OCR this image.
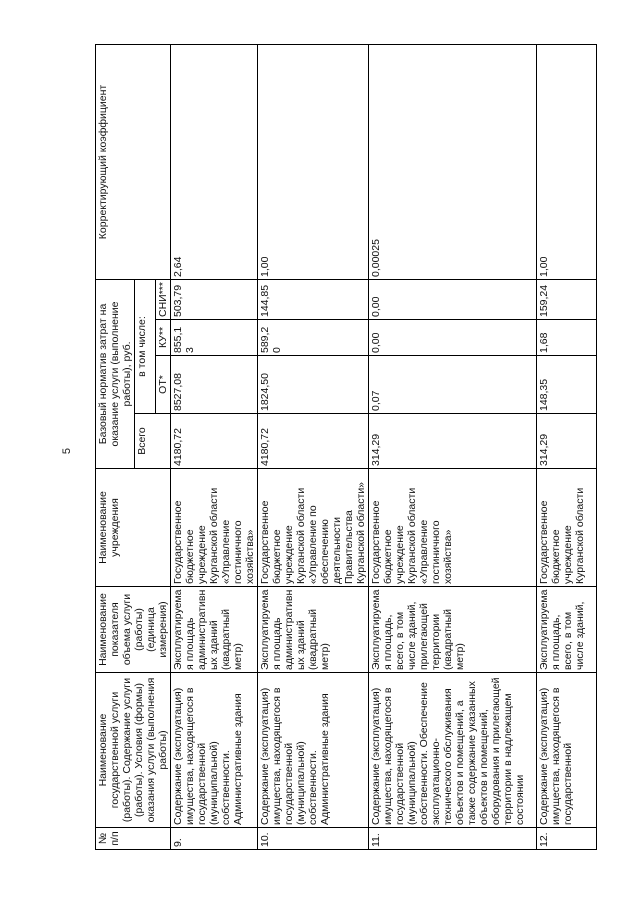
5
№ п/п	Наименование государственной услуги (работы). Содержание услуги (работы). Условия (формы) оказания услуги (выполнения работы)	Наименование показателя объема услуги (работы) (единица измерения)	Наименование учреждения	Базовый норматив затрат на оказание услуги (выполнение работы), руб.				Корректирующий коэффициент
				Всего	в том числе:			
					ОТ*	КУ**	СНИ***	
9.	Содержание (эксплуатация) имущества, находящегося в государственной (муниципальной) собственности. Административные здания	Эксплуатируемая площадь административных зданий (квадратный метр)	Государственное бюджетное учреждение Курганской области «Управление гостиничного хозяйства»	4180,72	8527,08	855,13	503,79	2,64
10.	Содержание (эксплуатация) имущества, находящегося в государственной (муниципальной) собственности. Административные здания	Эксплуатируемая площадь административных зданий (квадратный метр)	Государственное бюджетное учреждение Курганской области «Управление по обеспечению деятельности Правительства Курганской области»	4180,72	1824,50	589,20	144,85	1,00
11.	Содержание (эксплуатация) имущества, находящегося в государственной (муниципальной) собственности. Обеспечение эксплуатационно-технического обслуживания объектов и помещений, а также содержание указанных объектов и помещений, оборудования и прилегающей территории в надлежащем состоянии	Эксплуатируемая площадь, всего, в том числе зданий, прилегающей территории (квадратный метр)	Государственное бюджетное учреждение Курганской области «Управление гостиничного хозяйства»	314,29	0,07	0,00	0,00	0,00025
12.	Содержание (эксплуатация) имущества, находящегося в государственной	Эксплуатируемая площадь, всего, в том числе зданий,	Государственное бюджетное учреждение Курганской области	314,29	148,35	1,68	159,24	1,00
